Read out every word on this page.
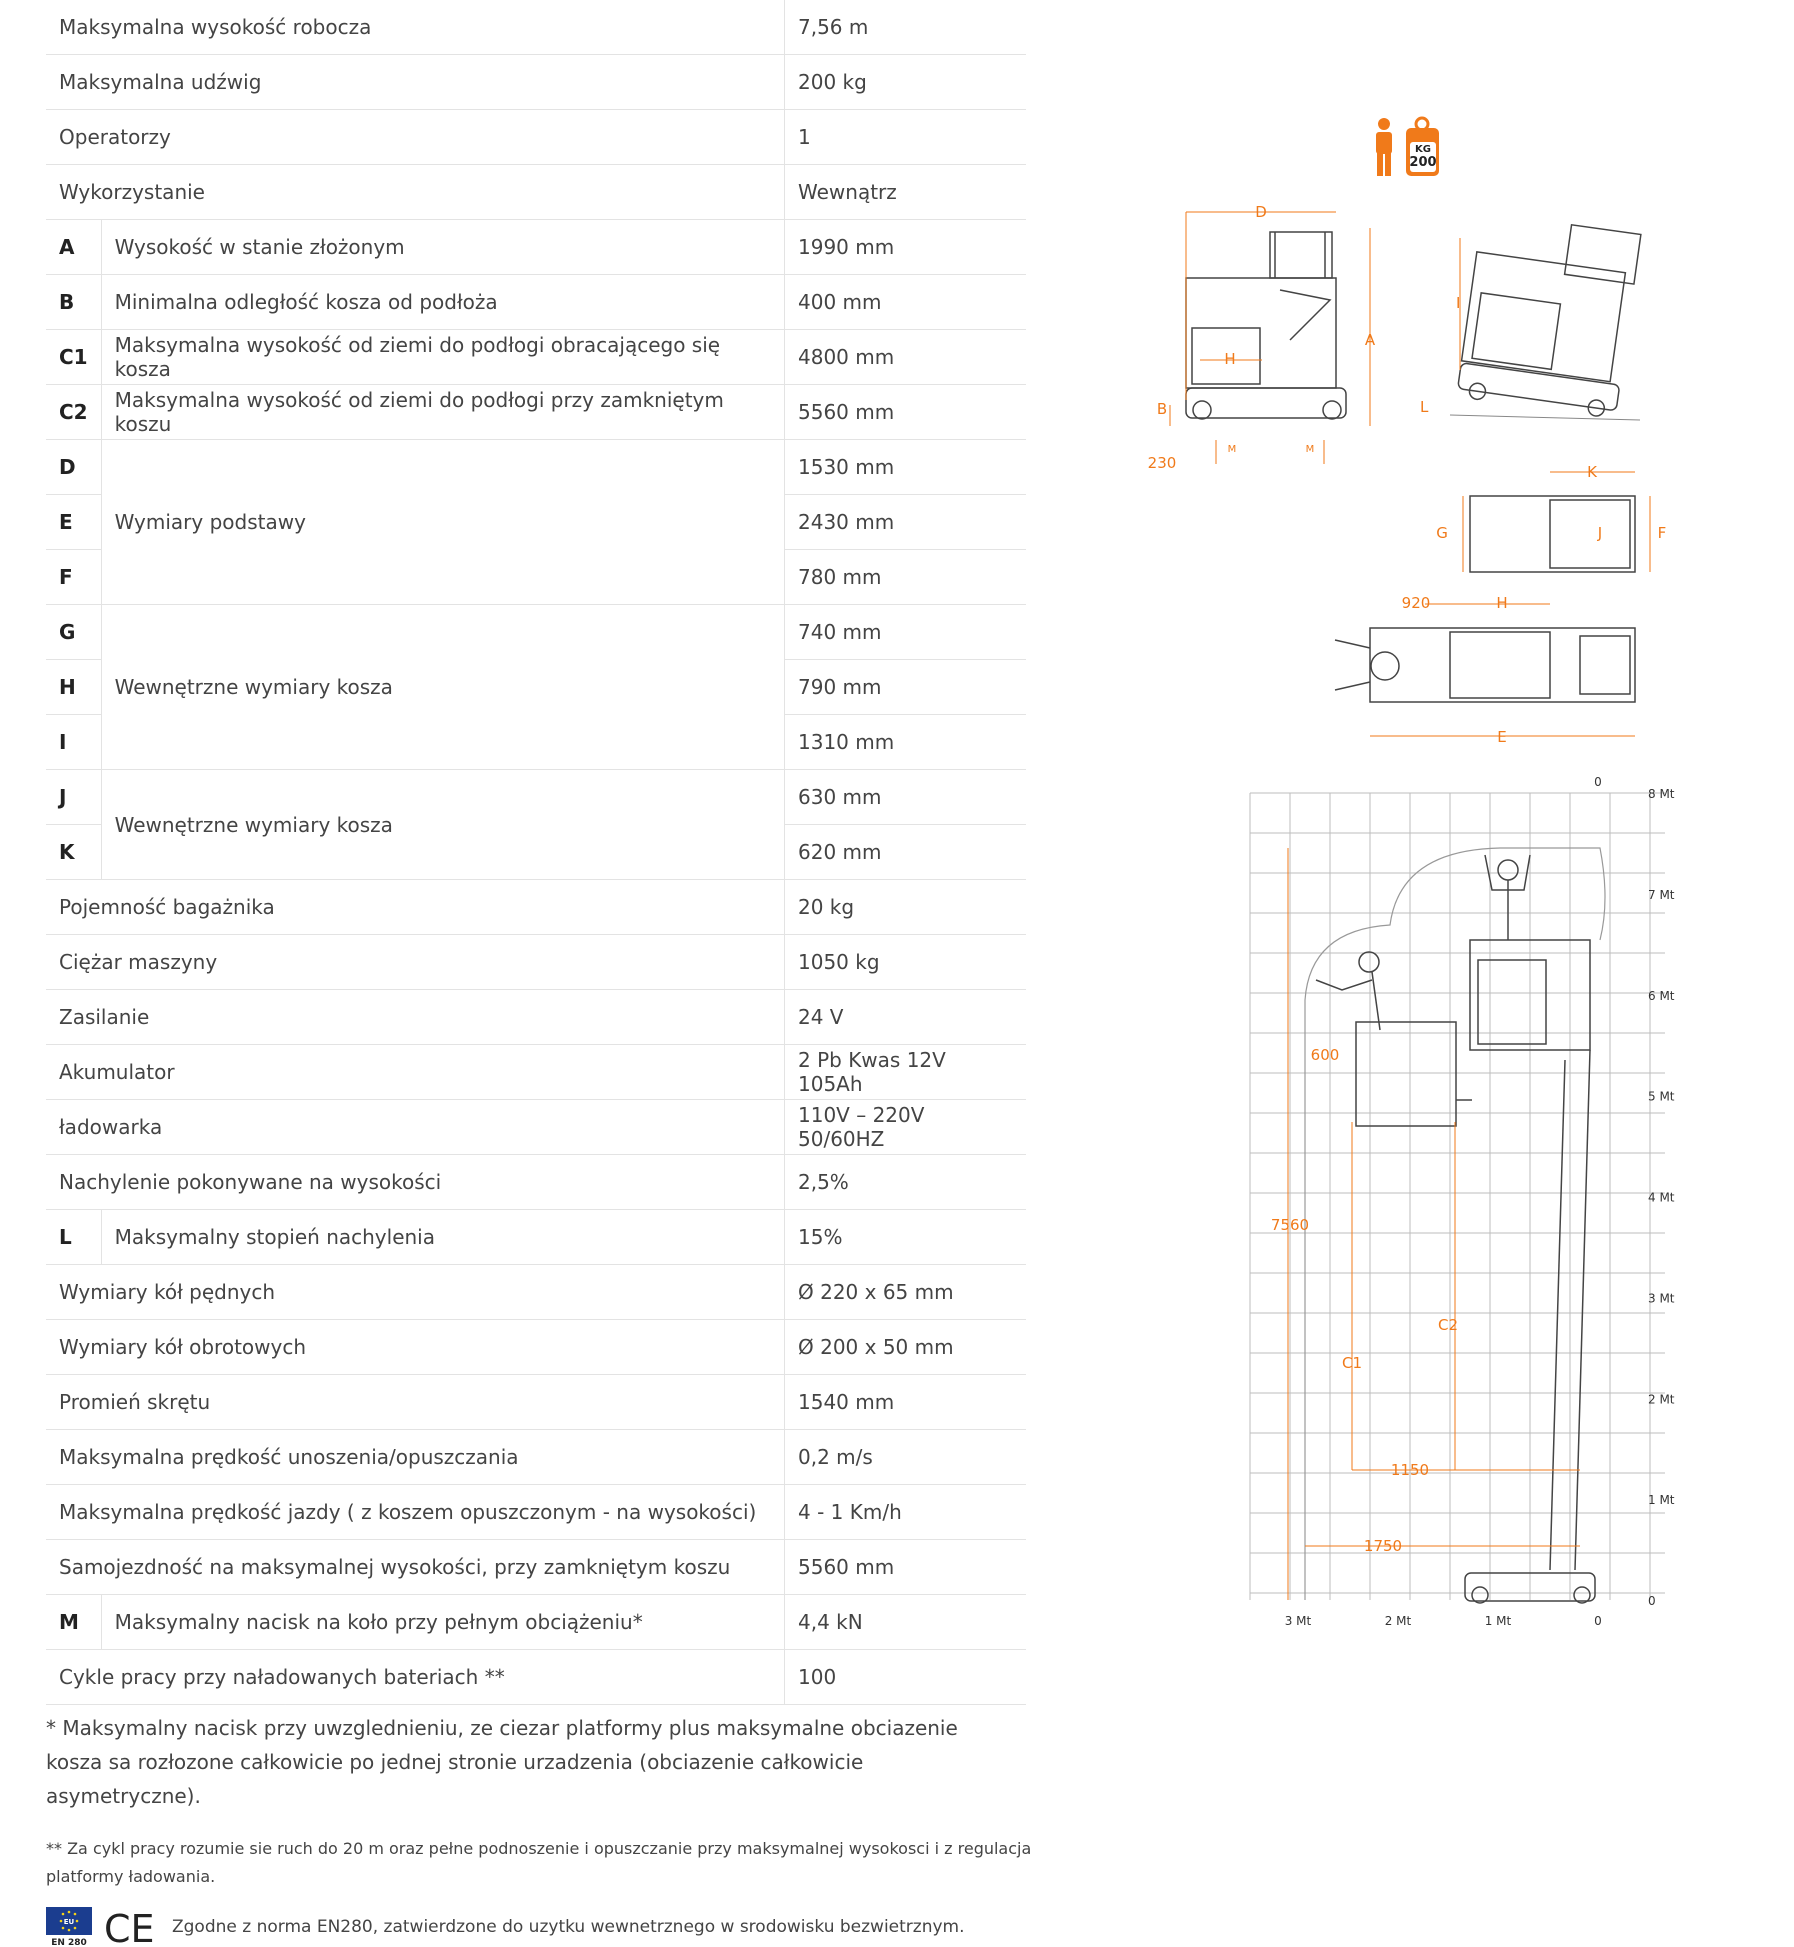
Maksymalna wysokość robocza		7,56 m
Maksymalna udźwig		200 kg
Operatorzy		1
Wykorzystanie		Wewnątrz
A	Wysokość w stanie złożonym	1990 mm
B	Minimalna odległość kosza od podłoża	400 mm
C1	Maksymalna wysokość od ziemi do podłogi obracającego się kosza	4800 mm
C2	Maksymalna wysokość od ziemi do podłogi przy zamkniętym koszu	5560 mm
D	Wymiary podstawy	1530 mm
E		2430 mm
F		780 mm
G	Wewnętrzne wymiary kosza	740 mm
H		790 mm
I		1310 mm
J	Wewnętrzne wymiary kosza	630 mm
K		620 mm
Pojemność bagażnika		20 kg
Ciężar maszyny		1050 kg
Zasilanie		24 V
Akumulator		2 Pb Kwas 12V 105Ah
ładowarka		110V – 220V 50/60HZ
Nachylenie pokonywane na wysokości		2,5%
L	Maksymalny stopień nachylenia	15%
Wymiary kół pędnych		Ø 220 x 65 mm
Wymiary kół obrotowych		Ø 200 x 50 mm
Promień skrętu		1540 mm
Maksymalna prędkość unoszenia/opuszczania		0,2 m/s
Maksymalna prędkość jazdy ( z koszem opuszczonym - na wysokości)		4 - 1 Km/h
Samojezdność na maksymalnej wysokości, przy zamkniętym koszu		5560 mm
M	Maksymalny nacisk na koło przy pełnym obciążeniu*	4,4 kN
Cykle pracy przy naładowanych bateriach **		100
* Maksymalny nacisk przy uwzglednieniu, ze ciezar platformy plus maksymalne obciazenie kosza sa rozłozone całkowicie po jednej stronie urzadzenia (obciazenie całkowicie asymetryczne).
** Za cykl pracy rozumie sie ruch do 20 m oraz pełne podnoszenie i opuszczanie przy maksymalnej wysokosci i z regulacja platformy ładowania.
EU
EN 280 CE Zgodne z norma EN280, zatwierdzone do uzytku wewnetrznego w srodowisku bezwietrznym.
KG
200
D
A
H
B
230
M	M
I
L
K
G	J	F
920	H
E
0
8 Mt
7 Mt
6 Mt
5 Mt
4 Mt
3 Mt
2 Mt
1 Mt
0
3 Mt	2 Mt	1 Mt	0
600
7560
C1
C2
1150
1750
